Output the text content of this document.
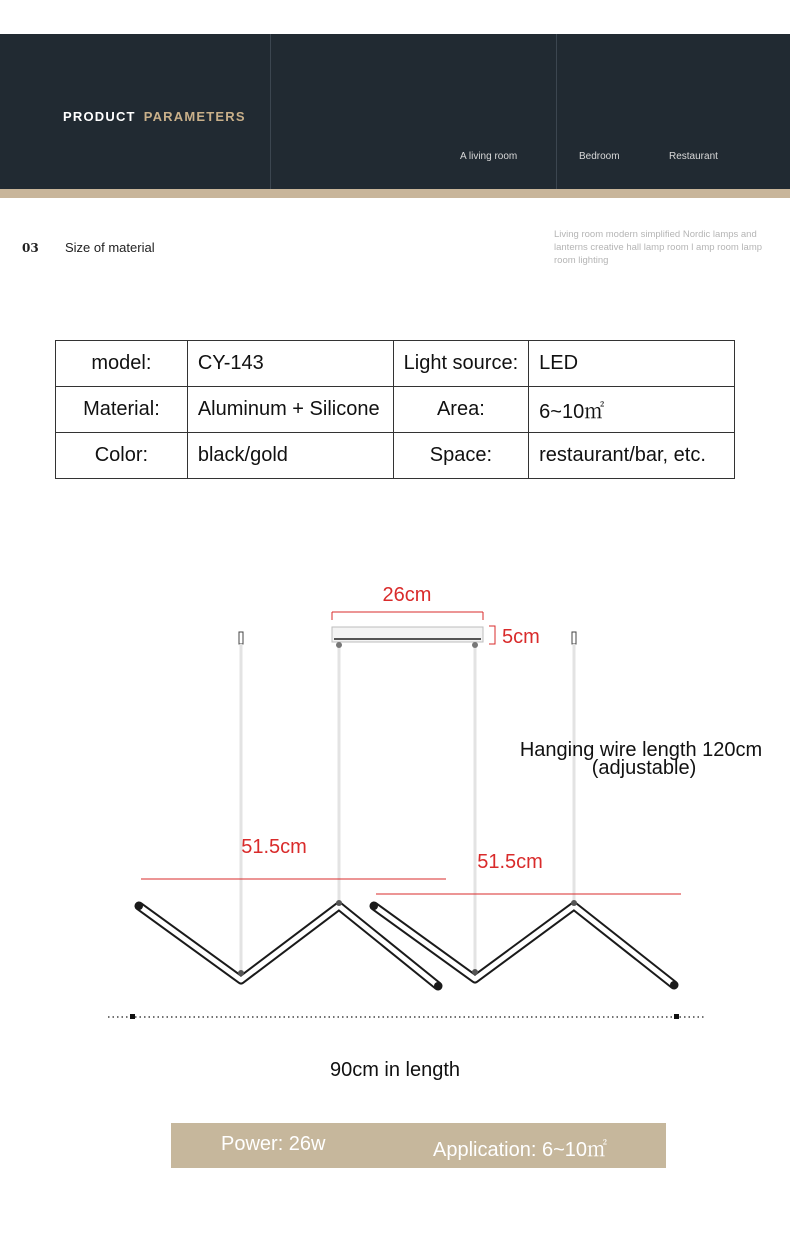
PRODUCT PARAMETERS
A living room	Bedroom	Restaurant
03 Size of material
Living room modern simplified Nordic lamps and lanterns creative hall lamp room l amp room lamp room lighting
model:	CY-143	Light source:	LED
Material:	Aluminum + Silicone	Area:	6~10㎡
Color:	black/gold	Space:	restaurant/bar, etc.
26cm
5cm
Hanging wire length 120cm
(adjustable)
51.5cm
51.5cm
90cm in length
Power: 26w	Application: 6~10㎡
